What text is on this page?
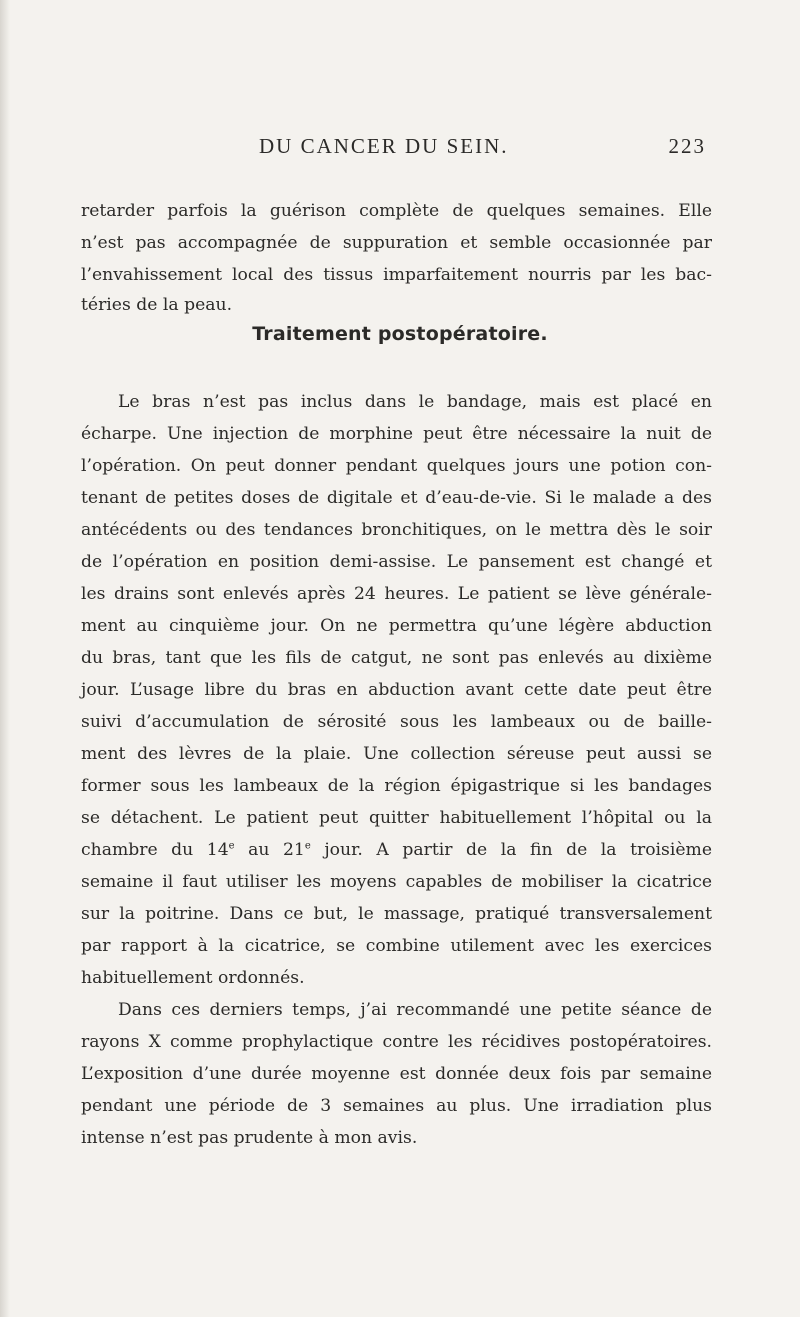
DU CANCER DU SEIN.	223
retarder parfois la guérison complète de quelques semaines. Elle
n’est pas accompagnée de suppuration et semble occasionnée par
l’envahissement local des tissus imparfaitement nourris par les bac-
téries de la peau.
Traitement postopératoire.
Le bras n’est pas inclus dans le bandage, mais est placé en
écharpe. Une injection de morphine peut être nécessaire la nuit de
l’opération. On peut donner pendant quelques jours une potion con-
tenant de petites doses de digitale et d’eau-de-vie. Si le malade a des
antécédents ou des tendances bronchitiques, on le mettra dès le soir
de l’opération en position demi-assise. Le pansement est changé et
les drains sont enlevés après 24 heures. Le patient se lève générale-
ment au cinquième jour. On ne permettra qu’une légère abduction
du bras, tant que les fils de catgut, ne sont pas enlevés au dixième
jour. L’usage libre du bras en abduction avant cette date peut être
suivi d’accumulation de sérosité sous les lambeaux ou de baille-
ment des lèvres de la plaie. Une collection séreuse peut aussi se
former sous les lambeaux de la région épigastrique si les bandages
se détachent. Le patient peut quitter habituellement l’hôpital ou la
chambre du 14e au 21e jour. A partir de la fin de la troisième
semaine il faut utiliser les moyens capables de mobiliser la cicatrice
sur la poitrine. Dans ce but, le massage, pratiqué transversalement
par rapport à la cicatrice, se combine utilement avec les exercices
habituellement ordonnés.
Dans ces derniers temps, j’ai recommandé une petite séance de
rayons X comme prophylactique contre les récidives postopératoires.
L’exposition d’une durée moyenne est donnée deux fois par semaine
pendant une période de 3 semaines au plus. Une irradiation plus
intense n’est pas prudente à mon avis.
